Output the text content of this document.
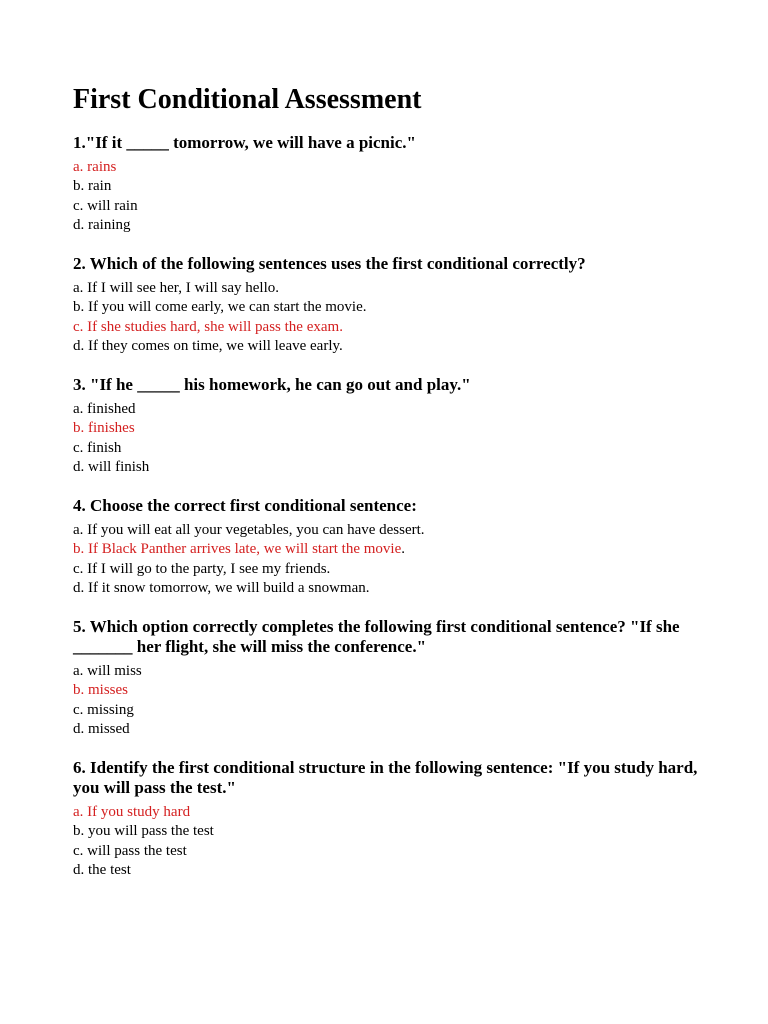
First Conditional Assessment

1."If it _____ tomorrow, we will have a picnic."

a. rains
b. rain
c. will rain
d. raining

2. Which of the following sentences uses the first conditional correctly?

a. If I will see her, I will say hello.
b. If you will come early, we can start the movie.
c. If she studies hard, she will pass the exam.
d. If they comes on time, we will leave early.

3. "If he _____ his homework, he can go out and play."

a. finished
b. finishes
c. finish
d. will finish

4. Choose the correct first conditional sentence:

a. If you will eat all your vegetables, you can have dessert.
b. If Black Panther arrives late, we will start the movie.
c. If I will go to the party, I see my friends.
d. If it snow tomorrow, we will build a snowman.

5. Which option correctly completes the following first conditional sentence? "If she _______ her flight, she will miss the conference."

a. will miss
b. misses
c. missing
d. missed

6. Identify the first conditional structure in the following sentence: "If you study hard, you will pass the test."

a. If you study hard
b. you will pass the test
c. will pass the test
d. the test
